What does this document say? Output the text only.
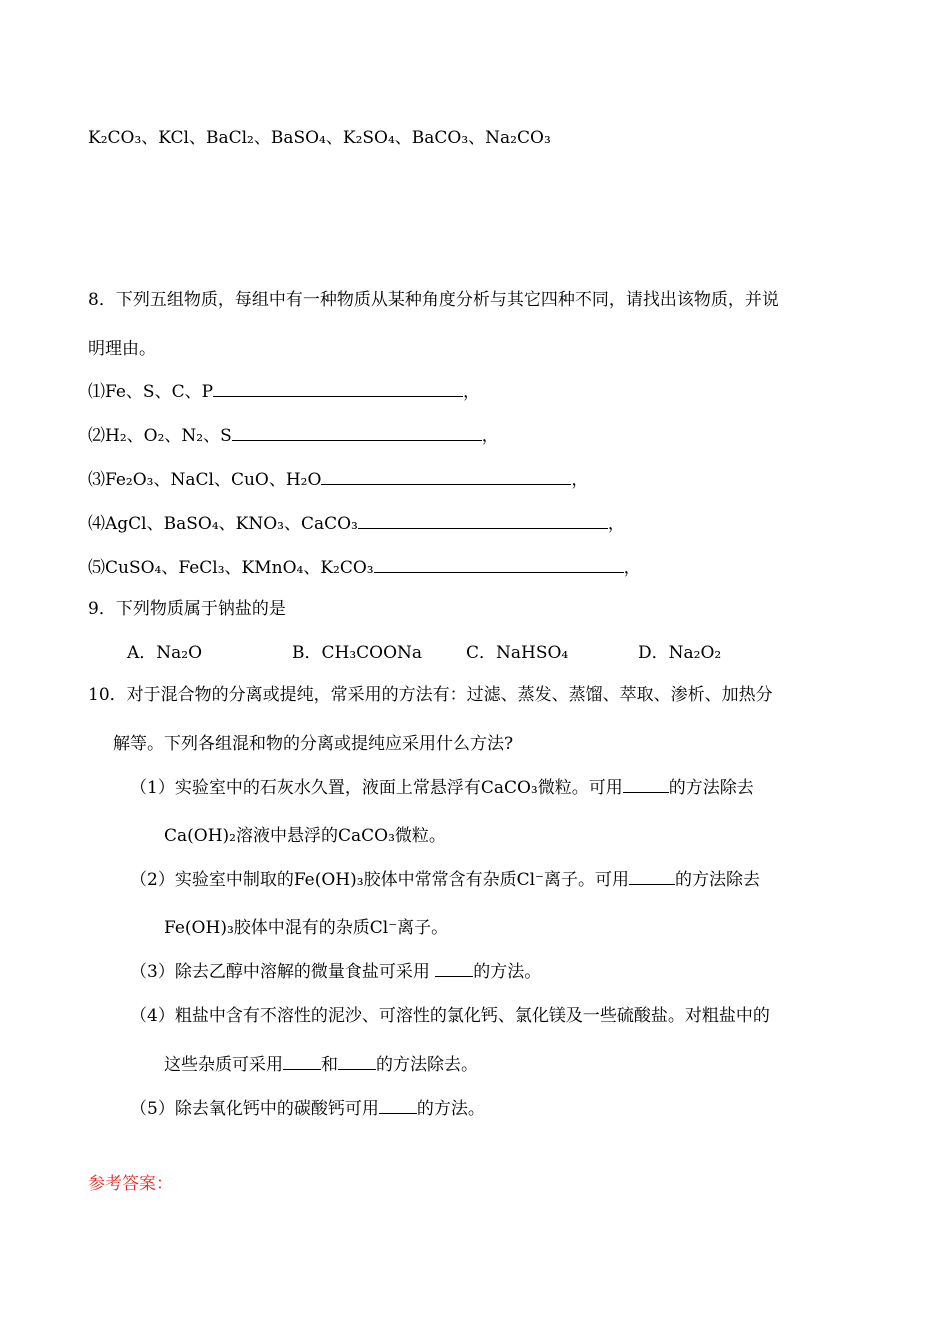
K₂CO₃、KCl、BaCl₂、BaSO₄、K₂SO₄、BaCO₃、Na₂CO₃
8．下列五组物质，每组中有一种物质从某种角度分析与其它四种不同，请找出该物质，并说
明理由。
⑴Fe、S、C、P	，
⑵H₂、O₂、N₂、S	，
⑶Fe₂O₃、NaCl、CuO、H₂O	，
⑷AgCl、BaSO₄、KNO₃、CaCO₃	，
⑸CuSO₄、FeCl₃、KMnO₄、K₂CO₃	，
9．下列物质属于钠盐的是
A．Na₂O	B．CH₃COONa	C．NaHSO₄	D．Na₂O₂
10．对于混合物的分离或提纯，常采用的方法有：过滤、蒸发、蒸馏、萃取、渗析、加热分
解等。下列各组混和物的分离或提纯应采用什么方法?
（1）实验室中的石灰水久置，液面上常悬浮有CaCO₃微粒。可用	的方法除去
Ca(OH)₂溶液中悬浮的CaCO₃微粒。
（2）实验室中制取的Fe(OH)₃胶体中常常含有杂质Cl⁻离子。可用	的方法除去
Fe(OH)₃胶体中混有的杂质Cl⁻离子。
（3）除去乙醇中溶解的微量食盐可采用 的方法。
（4）粗盐中含有不溶性的泥沙、可溶性的氯化钙、氯化镁及一些硫酸盐。对粗盐中的
这些杂质可采用 和 的方法除去。
（5）除去氧化钙中的碳酸钙可用 的方法。
参考答案：
